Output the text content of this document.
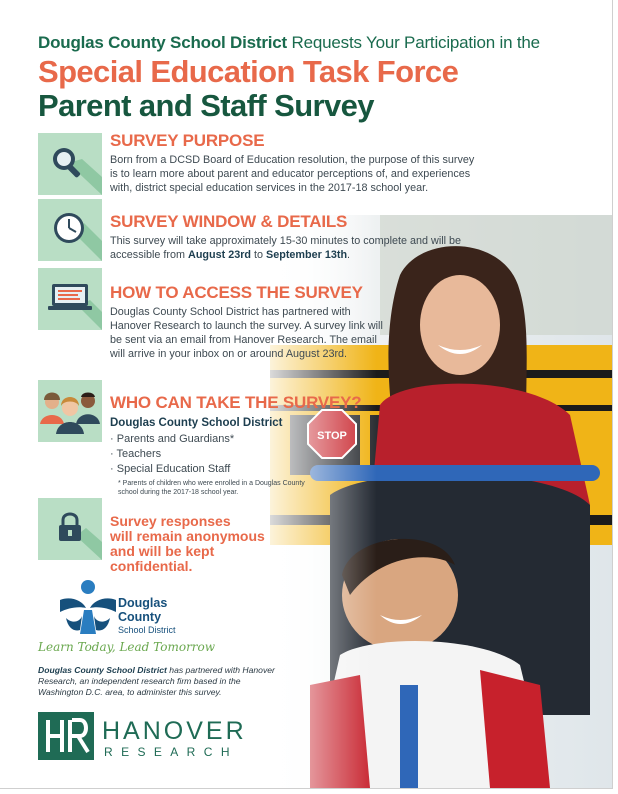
Douglas County School District Requests Your Participation in the
Special Education Task Force
Parent and Staff Survey
SURVEY PURPOSE
Born from a DCSD Board of Education resolution, the purpose of this survey is to learn more about parent and educator perceptions of, and experiences with, district special education services in the 2017-18 school year.
SURVEY WINDOW & DETAILS
This survey will take approximately 15-30 minutes to complete and will be accessible from August 23rd to September 13th.
HOW TO ACCESS THE SURVEY
Douglas County School District has partnered with Hanover Research to launch the survey. A survey link will be sent via an email from Hanover Research. The email will arrive in your inbox on or around August 23rd.
WHO CAN TAKE THE SURVEY?
Douglas County School District
· Parents and Guardians*
· Teachers
· Special Education Staff
* Parents of children who were enrolled in a Douglas County school during the 2017-18 school year.
Survey responses
will remain anonymous
and will be kept
confidential.
Douglas
County
School District
Learn Today, Lead Tomorrow
Douglas County School District has partnered with Hanover Research, an independent research firm based in the Washington D.C. area, to administer this survey.
HANOVER
RESEARCH
